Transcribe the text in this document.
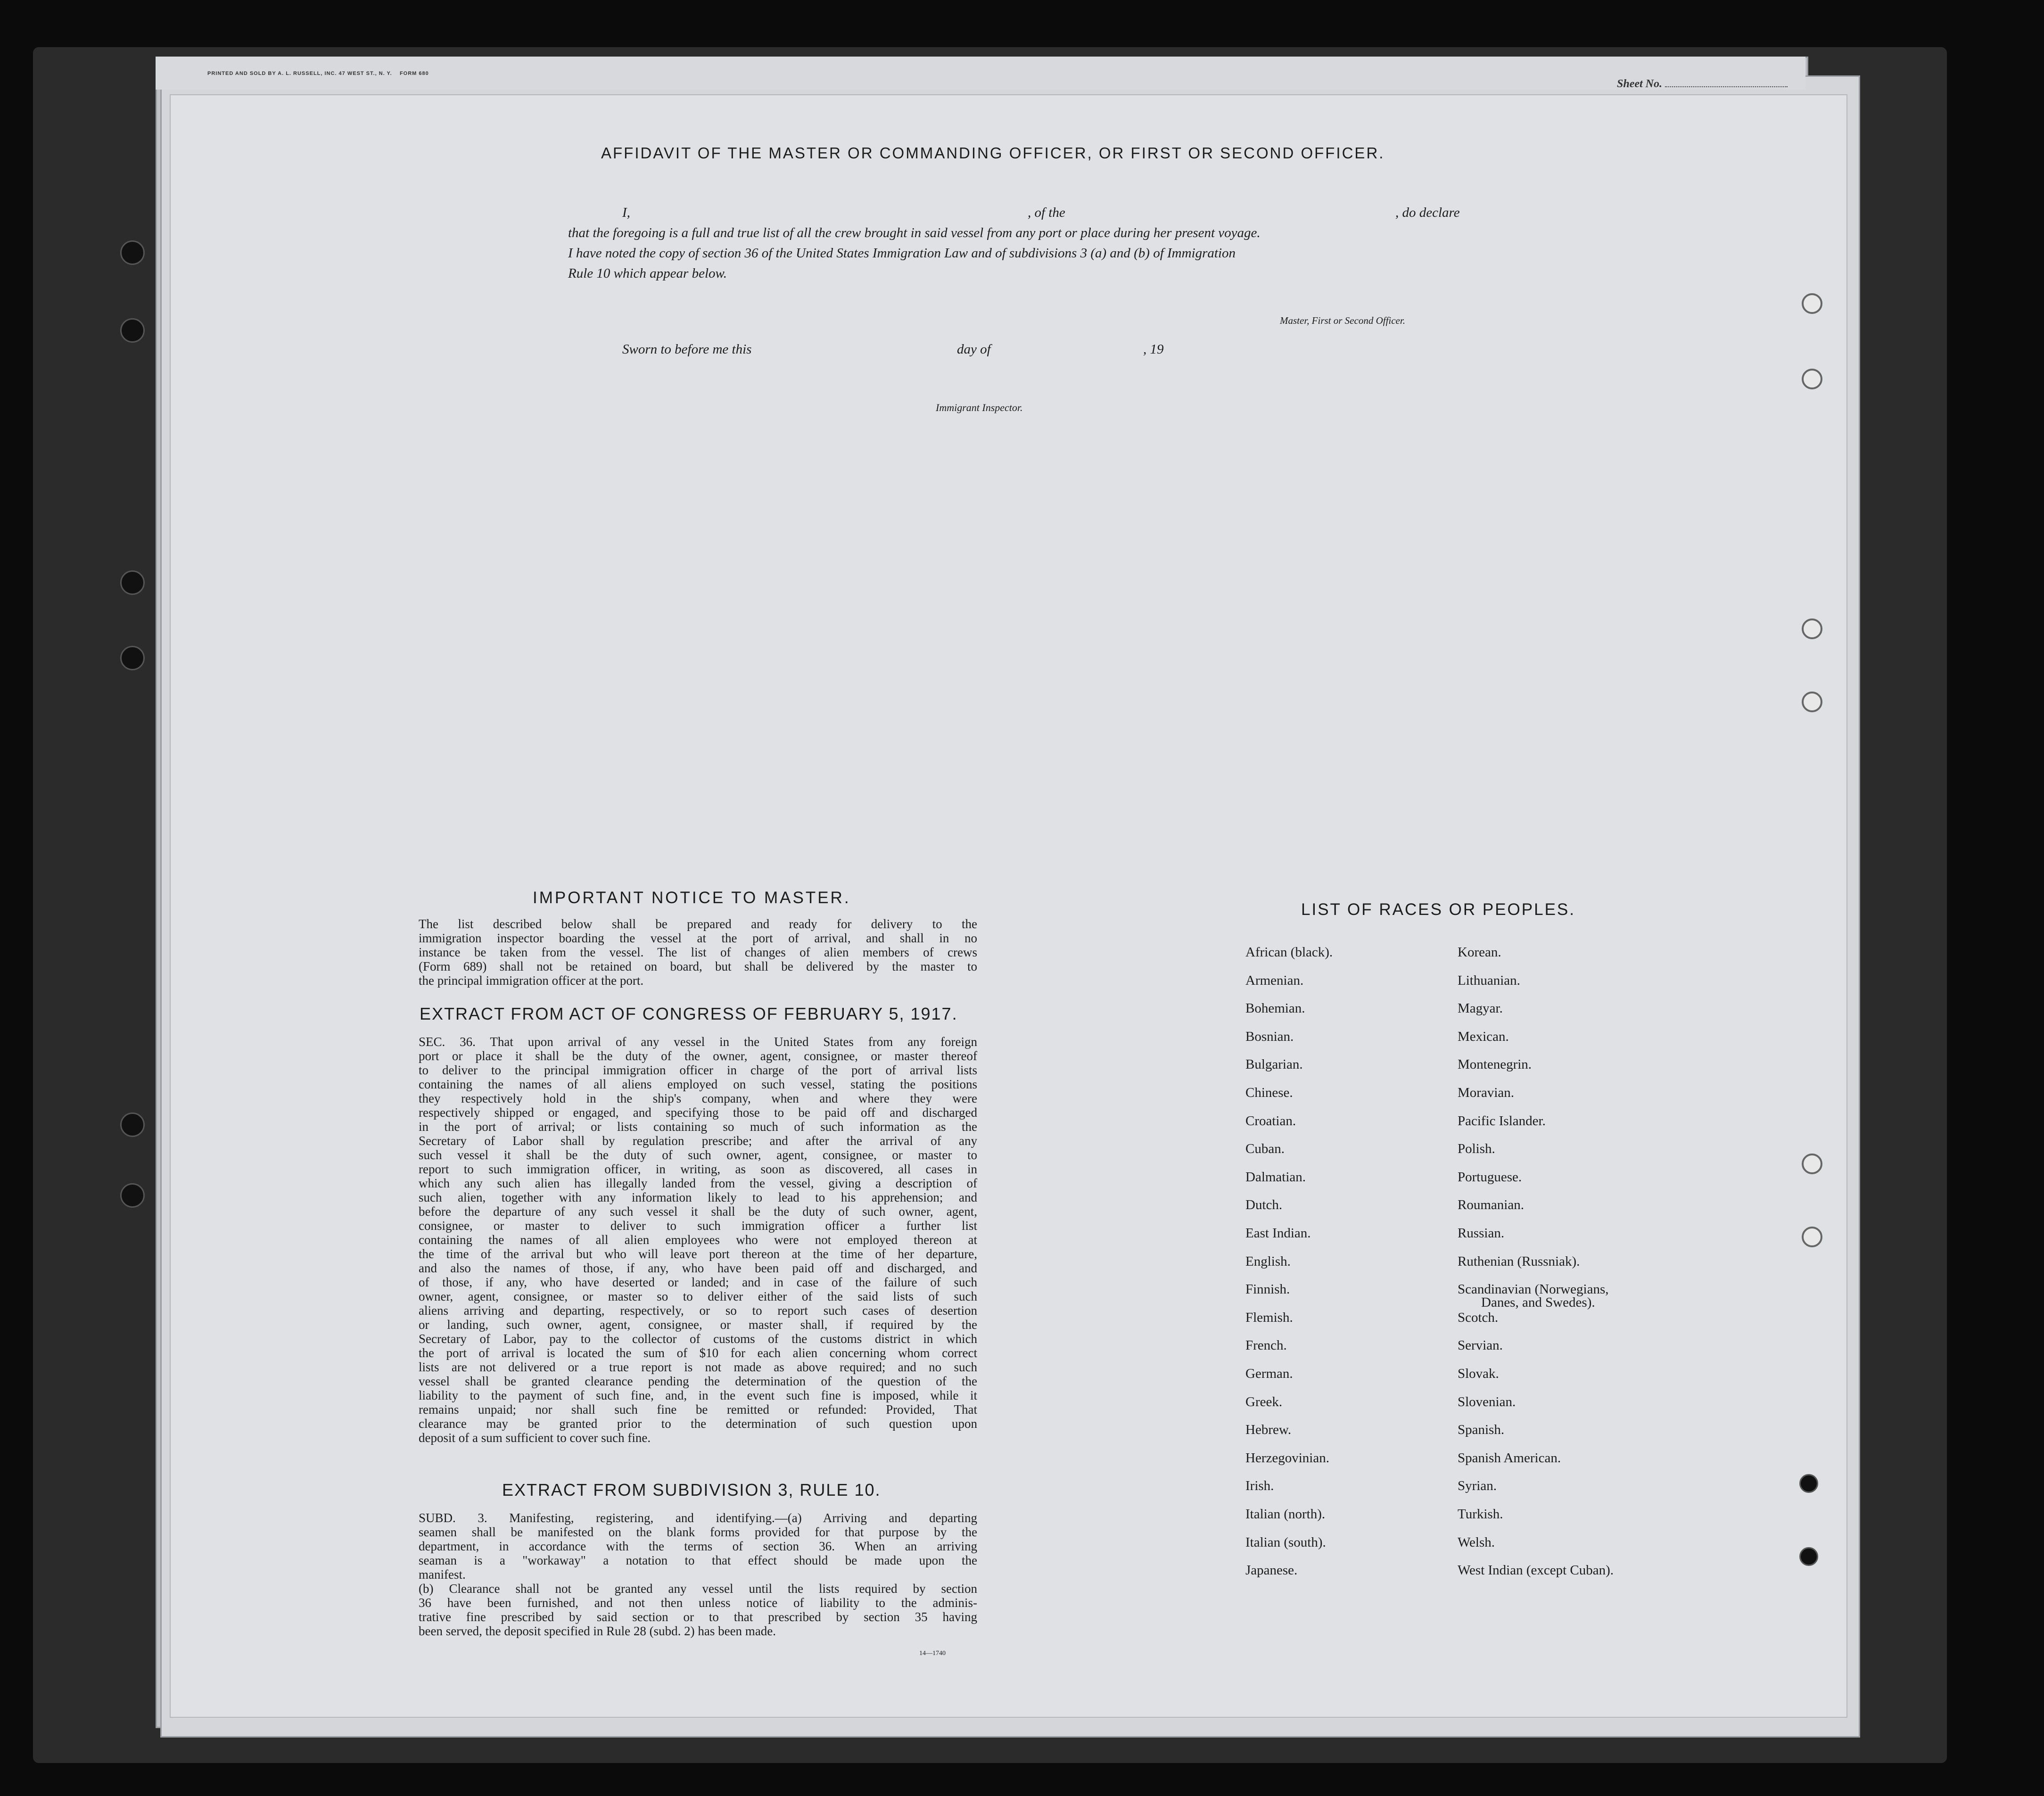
PRINTED AND SOLD BY A. L. RUSSELL, INC. 47 WEST ST., N. Y. FORM 680
Sheet No.
AFFIDAVIT OF THE MASTER OR COMMANDING OFFICER, OR FIRST OR SECOND OFFICER.
I,	, of the	, do declare
that the foregoing is a full and true list of all the crew brought in said vessel from any port or place during her present voyage.
I have noted the copy of section 36 of the United States Immigration Law and of subdivisions 3 (a) and (b) of Immigration
Rule 10 which appear below.
Master, First or Second Officer.
Sworn to before me this	day of	, 19
Immigrant Inspector.
IMPORTANT NOTICE TO MASTER.
The list described below shall be prepared and ready for delivery to the
immigration inspector boarding the vessel at the port of arrival, and shall in no
instance be taken from the vessel. The list of changes of alien members of crews
(Form 689) shall not be retained on board, but shall be delivered by the master to
the principal immigration officer at the port.
EXTRACT FROM ACT OF CONGRESS OF FEBRUARY 5, 1917.
SEC. 36. That upon arrival of any vessel in the United States from any foreign
port or place it shall be the duty of the owner, agent, consignee, or master thereof
to deliver to the principal immigration officer in charge of the port of arrival lists
containing the names of all aliens employed on such vessel, stating the positions
they respectively hold in the ship's company, when and where they were
respectively shipped or engaged, and specifying those to be paid off and discharged
in the port of arrival; or lists containing so much of such information as the
Secretary of Labor shall by regulation prescribe; and after the arrival of any
such vessel it shall be the duty of such owner, agent, consignee, or master to
report to such immigration officer, in writing, as soon as discovered, all cases in
which any such alien has illegally landed from the vessel, giving a description of
such alien, together with any information likely to lead to his apprehension; and
before the departure of any such vessel it shall be the duty of such owner, agent,
consignee, or master to deliver to such immigration officer a further list
containing the names of all alien employees who were not employed thereon at
the time of the arrival but who will leave port thereon at the time of her departure,
and also the names of those, if any, who have been paid off and discharged, and
of those, if any, who have deserted or landed; and in case of the failure of such
owner, agent, consignee, or master so to deliver either of the said lists of such
aliens arriving and departing, respectively, or so to report such cases of desertion
or landing, such owner, agent, consignee, or master shall, if required by the
Secretary of Labor, pay to the collector of customs of the customs district in which
the port of arrival is located the sum of $10 for each alien concerning whom correct
lists are not delivered or a true report is not made as above required; and no such
vessel shall be granted clearance pending the determination of the question of the
liability to the payment of such fine, and, in the event such fine is imposed, while it
remains unpaid; nor shall such fine be remitted or refunded: Provided, That
clearance may be granted prior to the determination of such question upon
deposit of a sum sufficient to cover such fine.
EXTRACT FROM SUBDIVISION 3, RULE 10.
SUBD. 3. Manifesting, registering, and identifying.—(a) Arriving and departing
seamen shall be manifested on the blank forms provided for that purpose by the
department, in accordance with the terms of section 36. When an arriving
seaman is a "workaway" a notation to that effect should be made upon the
manifest.
(b) Clearance shall not be granted any vessel until the lists required by section
36 have been furnished, and not then unless notice of liability to the adminis-
trative fine prescribed by said section or to that prescribed by section 35 having
been served, the deposit specified in Rule 28 (subd. 2) has been made.
14—1740
LIST OF RACES OR PEOPLES.
African (black).
Armenian.
Bohemian.
Bosnian.
Bulgarian.
Chinese.
Croatian.
Cuban.
Dalmatian.
Dutch.
East Indian.
English.
Finnish.
Flemish.
French.
German.
Greek.
Hebrew.
Herzegovinian.
Irish.
Italian (north).
Italian (south).
Japanese.
Korean.
Lithuanian.
Magyar.
Mexican.
Montenegrin.
Moravian.
Pacific Islander.
Polish.
Portuguese.
Roumanian.
Russian.
Ruthenian (Russniak).
Scandinavian (Norwegians,
Scotch.
Servian.
Slovak.
Slovenian.
Spanish.
Spanish American.
Syrian.
Turkish.
Welsh.
West Indian (except Cuban).
Danes, and Swedes).
